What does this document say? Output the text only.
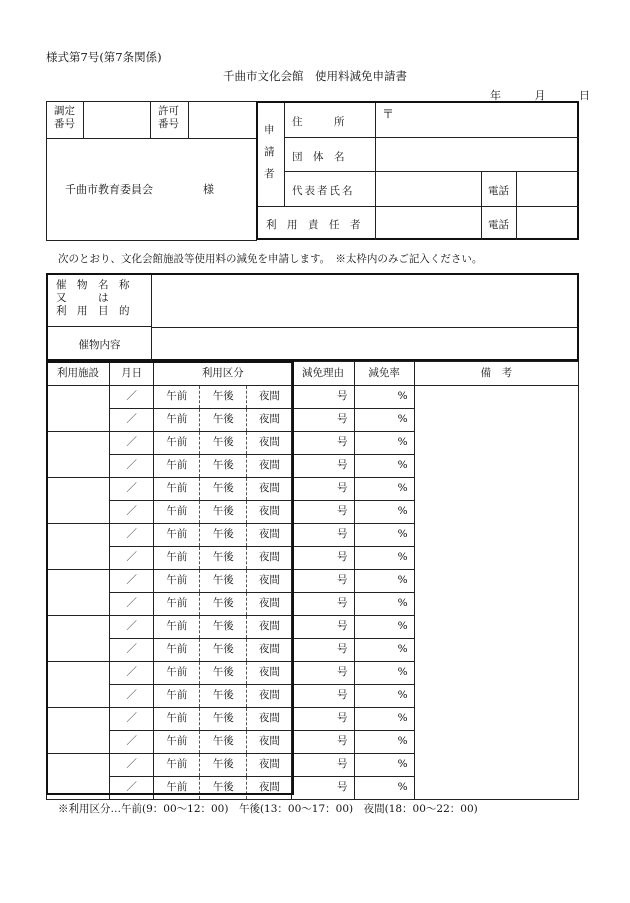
様式第7号(第7条関係)
千曲市文化会館　使用料減免申請書
年	月	日
調定
番号
許可
番号
千曲市教育委員会	様
申

請

者
住　　　所
〒
団　体　名
代表者氏名	電話
利　用　責　任　者	電話
次のとおり、文化会館施設等使用料の減免を申請します。　※太枠内のみご記入ください。
催　物　名　称
又　　　は
利　用　目　的
催物内容
利用施設	月日	利用区分			減免理由	減免率	備　考
	／	午前	午後	夜間	号	%	
	／	午前	午後	夜間	号	%	
	／	午前	午後	夜間	号	%	
	／	午前	午後	夜間	号	%	
	／	午前	午後	夜間	号	%	
	／	午前	午後	夜間	号	%	
	／	午前	午後	夜間	号	%	
	／	午前	午後	夜間	号	%	
	／	午前	午後	夜間	号	%	
	／	午前	午後	夜間	号	%	
	／	午前	午後	夜間	号	%	
	／	午前	午後	夜間	号	%	
	／	午前	午後	夜間	号	%	
	／	午前	午後	夜間	号	%	
	／	午前	午後	夜間	号	%	
	／	午前	午後	夜間	号	%	
	／	午前	午後	夜間	号	%	
	／	午前	午後	夜間	号	%	
※利用区分…午前(9：00～12：00)　午後(13：00～17：00)　夜間(18：00～22：00)
